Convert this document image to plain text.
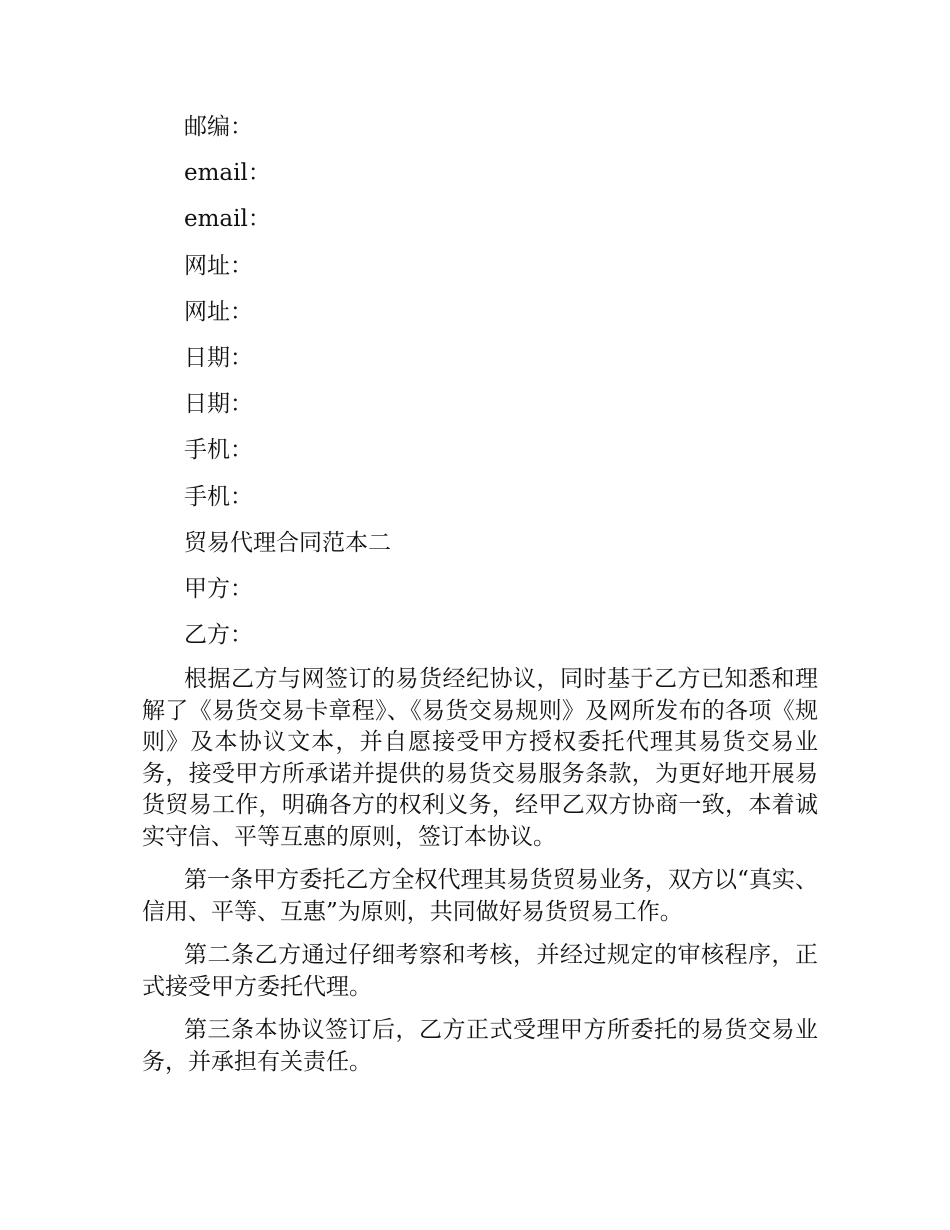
邮编：
email：
email：
网址：
网址：
日期：
日期：
手机：
手机：
贸易代理合同范本二
甲方：
乙方：

根据乙方与网签订的易货经纪协议，同时基于乙方已知悉和理解了《易货交易卡章程》、《易货交易规则》及网所发布的各项《规则》及本协议文本，并自愿接受甲方授权委托代理其易货交易业务，接受甲方所承诺并提供的易货交易服务条款，为更好地开展易货贸易工作，明确各方的权利义务，经甲乙双方协商一致，本着诚实守信、平等互惠的原则，签订本协议。

第一条甲方委托乙方全权代理其易货贸易业务，双方以“真实、信用、平等、互惠”为原则，共同做好易货贸易工作。

第二条乙方通过仔细考察和考核，并经过规定的审核程序，正式接受甲方委托代理。

第三条本协议签订后，乙方正式受理甲方所委托的易货交易业务，并承担有关责任。
